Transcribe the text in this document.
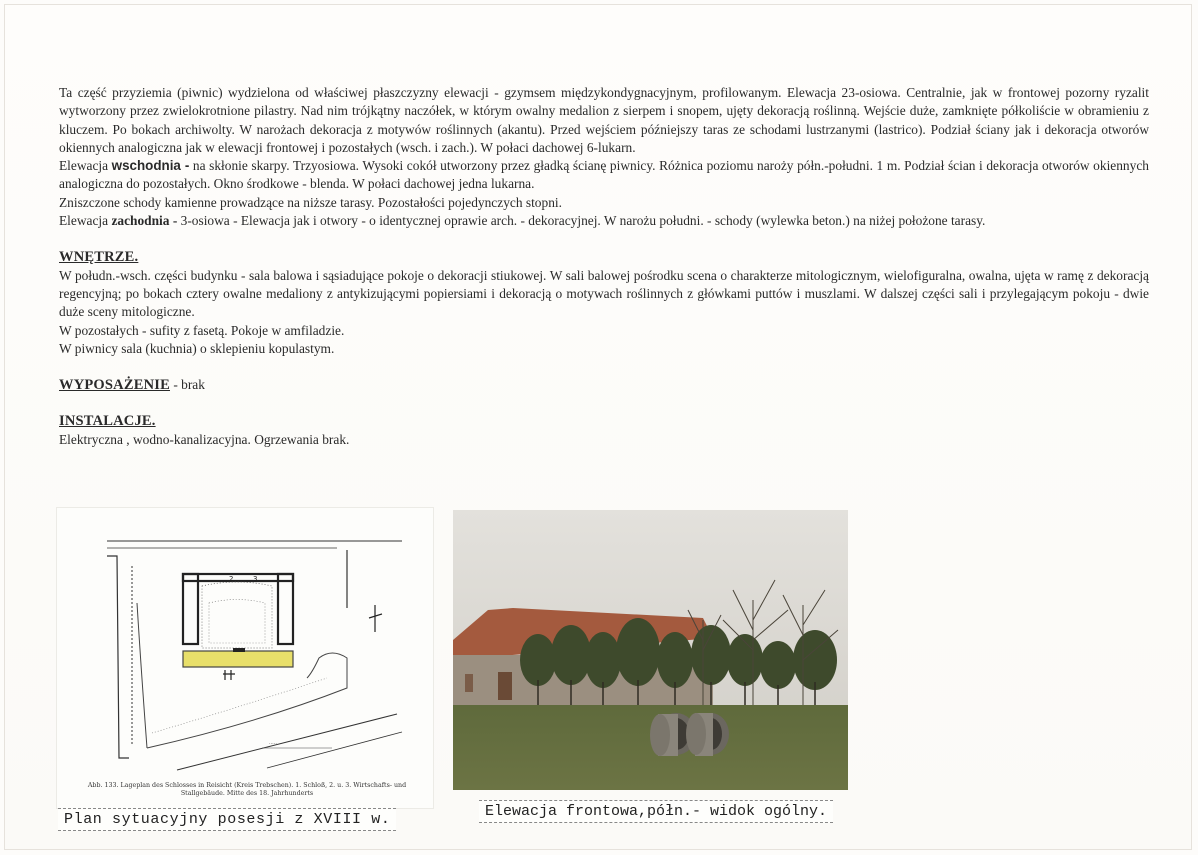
Ta część przyziemia (piwnic) wydzielona od właściwej płaszczyzny elewacji - gzymsem międzykondygnacyjnym, profilowanym. Elewacja 23-osiowa. Centralnie, jak w frontowej pozorny ryzalit wytworzony przez zwielokrotnione pilastry. Nad nim trójkątny naczółek, w którym owalny medalion z sierpem i snopem, ujęty dekoracją roślinną. Wejście duże, zamknięte półkoliście w obramieniu z kluczem. Po bokach archiwolty. W narożach dekoracja z motywów roślinnych (akantu). Przed wejściem późniejszy taras ze schodami lustrzanymi (lastrico). Podział ściany jak i dekoracja otworów okiennych analogiczna jak w elewacji frontowej i pozostałych (wsch. i zach.). W połaci dachowej 6-lukarn.

Elewacja wschodnia - na skłonie skarpy. Trzyosiowa. Wysoki cokół utworzony przez gładką ścianę piwnicy. Różnica poziomu naroży półn.-południ. 1 m. Podział ścian i dekoracja otworów okiennych analogiczna do pozostałych. Okno środkowe - blenda. W połaci dachowej jedna lukarna.

Zniszczone schody kamienne prowadzące na niższe tarasy. Pozostałości pojedynczych stopni.

Elewacja zachodnia - 3-osiowa - Elewacja jak i otwory - o identycznej oprawie arch. - dekoracyjnej. W narożu południ. - schody (wylewka beton.) na niżej położone tarasy.

WNĘTRZE.

W połudn.-wsch. części budynku - sala balowa i sąsiadujące pokoje o dekoracji stiukowej. W sali balowej pośrodku scena o charakterze mitologicznym, wielofiguralna, owalna, ujęta w ramę z dekoracją regencyjną; po bokach cztery owalne medaliony z antykizującymi popiersiami i dekoracją o motywach roślinnych z główkami puttów i muszlami. W dalszej części sali i przylegającym pokoju - dwie duże sceny mitologiczne.

W pozostałych - sufity z fasetą. Pokoje w amfiladzie.

W piwnicy sala (kuchnia) o sklepieniu kopulastym.

WYPOSAŻENIE - brak

INSTALACJE.

Elektryczna , wodno-kanalizacyjna. Ogrzewania brak.

2	3
.....
Abb. 133. Lageplan des Schlosses in Reisicht (Kreis Trebschen). 1. Schloß, 2. u. 3. Wirtschafts- und
Stallgebäude. Mitte des 18. Jahrhunderts
Plan sytuacyjny posesji z XVIII w.	Elewacja frontowa,półn.- widok ogólny.
